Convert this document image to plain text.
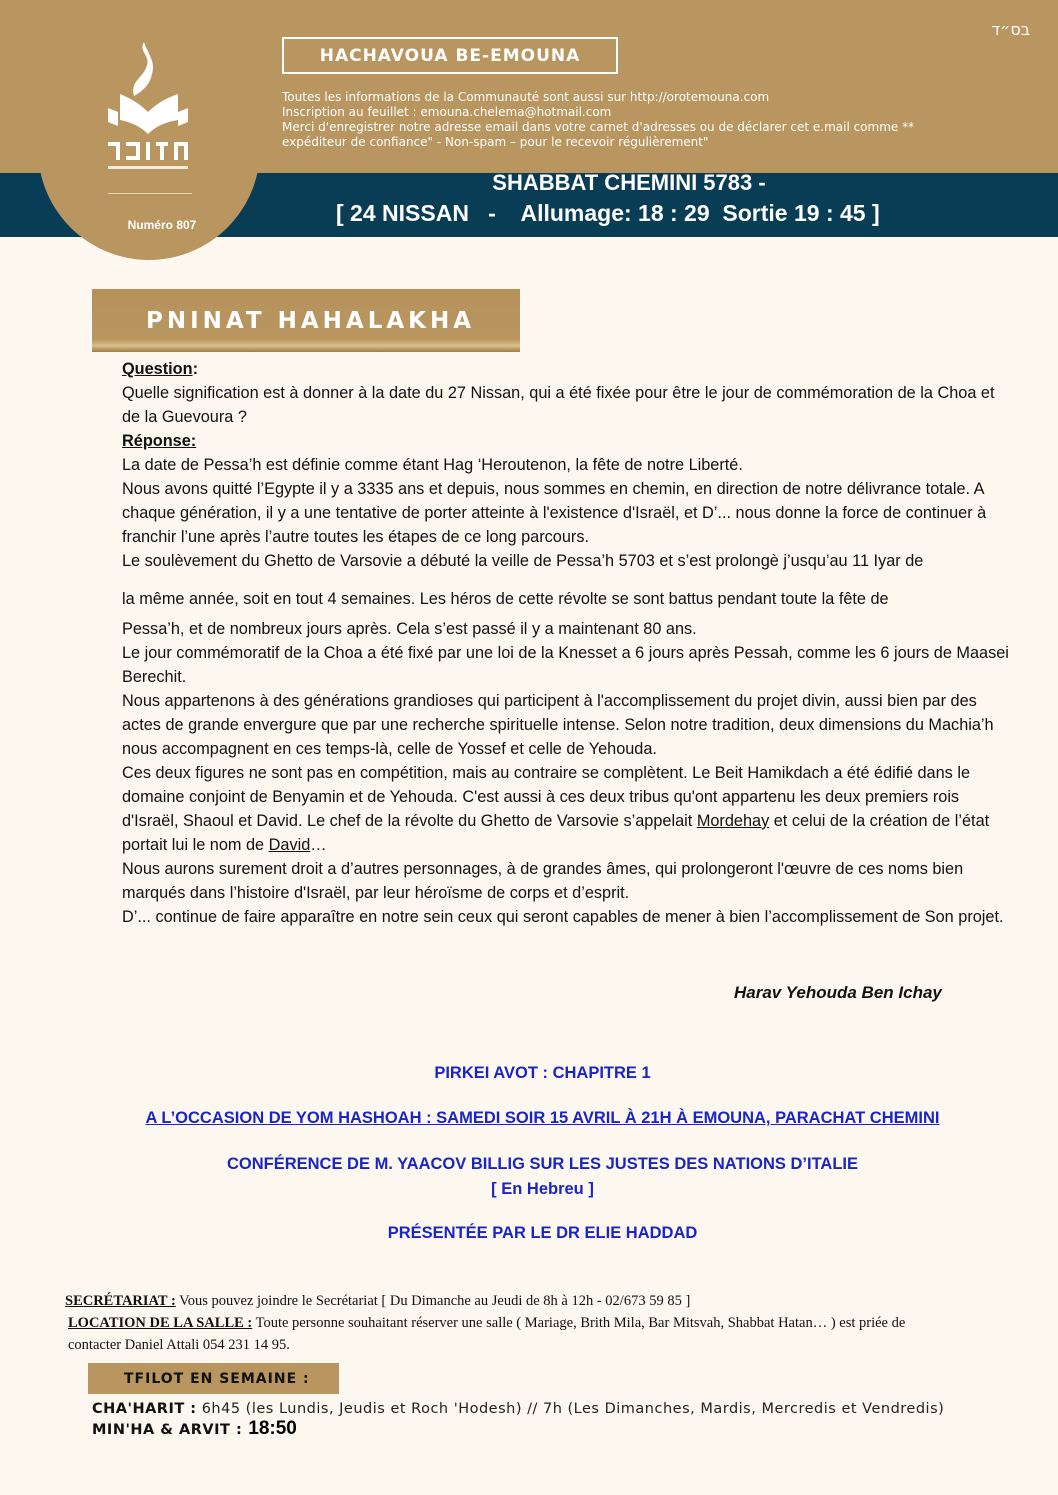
בס״ד
HACHAVOUA BE-EMOUNA
Toutes les informations de la Communauté sont aussi sur http://orotemouna.com
Inscription au feuillet : emouna.chelema@hotmail.com
Merci d'enregistrer notre adresse email dans votre carnet d'adresses ou de déclarer cet e.mail comme **
expéditeur de confiance" - Non-spam – pour le recevoir régulièrement"
Numéro 807
SHABBAT CHEMINI 5783 -
[ 24 NISSAN   -    Allumage: 18 : 29  Sortie 19 : 45 ]
PNINAT HAHALAKHA

Question:

Quelle signification est à donner à la date du 27 Nissan, qui a été fixée pour être le jour de commémoration de la Choa et de la Guevoura ?

Réponse:

La date de Pessa’h est définie comme étant Hag ‘Heroutenon, la fête de notre Liberté.

Nous avons quitté l’Egypte il y a 3335 ans et depuis, nous sommes en chemin, en direction de notre délivrance totale. A chaque génération, il y a une tentative de porter atteinte à l'existence d'Israël, et D’... nous donne la force de continuer à franchir l’une après l’autre toutes les étapes de ce long parcours.

Le soulèvement du Ghetto de Varsovie a débuté la veille de Pessa’h 5703 et s’est prolongè j’usqu’au 11 Iyar de

la même année, soit en tout 4 semaines. Les héros de cette révolte se sont battus pendant toute la fête de

Pessa’h, et de nombreux jours après. Cela s’est passé il y a maintenant 80 ans.

Le jour commémoratif de la Choa a été fixé par une loi de la Knesset a 6 jours après Pessah, comme les 6 jours de Maasei Berechit.

Nous appartenons à des générations grandioses qui participent à l'accomplissement du projet divin, aussi bien par des actes de grande envergure que par une recherche spirituelle intense. Selon notre tradition, deux dimensions du Machia’h nous accompagnent en ces temps-là, celle de Yossef et celle de Yehouda.

Ces deux figures ne sont pas en compétition, mais au contraire se complètent. Le Beit Hamikdach a été édifié dans le domaine conjoint de Benyamin et de Yehouda. C'est aussi à ces deux tribus qu'ont appartenu les deux premiers rois d'Israël, Shaoul et David. Le chef de la révolte du Ghetto de Varsovie s’appelait Mordehay et celui de la création de l’état portait lui le nom de David…

Nous aurons surement droit a d’autres personnages, à de grandes âmes, qui prolongeront l'œuvre de ces noms bien marqués dans l’histoire d'Israël, par leur héroïsme de corps et d’esprit.

D’... continue de faire apparaître en notre sein ceux qui seront capables de mener à bien l’accomplissement de Son projet.

Harav Yehouda Ben Ichay
PIRKEI AVOT : CHAPITRE 1
A L’OCCASION DE YOM HASHOAH : SAMEDI SOIR 15 AVRIL À 21H À EMOUNA, PARACHAT CHEMINI
CONFÉRENCE DE M. YAACOV BILLIG SUR LES JUSTES DES NATIONS D’ITALIE
[ En Hebreu ]
PRÉSENTÉE PAR LE DR ELIE HADDAD
SECRÉTARIAT : Vous pouvez joindre le Secrétariat [ Du Dimanche au Jeudi de 8h à 12h - 02/673 59 85 ]
LOCATION DE LA SALLE : Toute personne souhaitant réserver une salle ( Mariage, Brith Mila, Bar Mitsvah, Shabbat Hatan… ) est priée de
contacter Daniel Attali 054 231 14 95.
TFILOT EN SEMAINE :
CHA'HARIT : 6h45 (les Lundis, Jeudis et Roch 'Hodesh) // 7h (Les Dimanches, Mardis, Mercredis et Vendredis)
MIN'HA & ARVIT : 18:50
